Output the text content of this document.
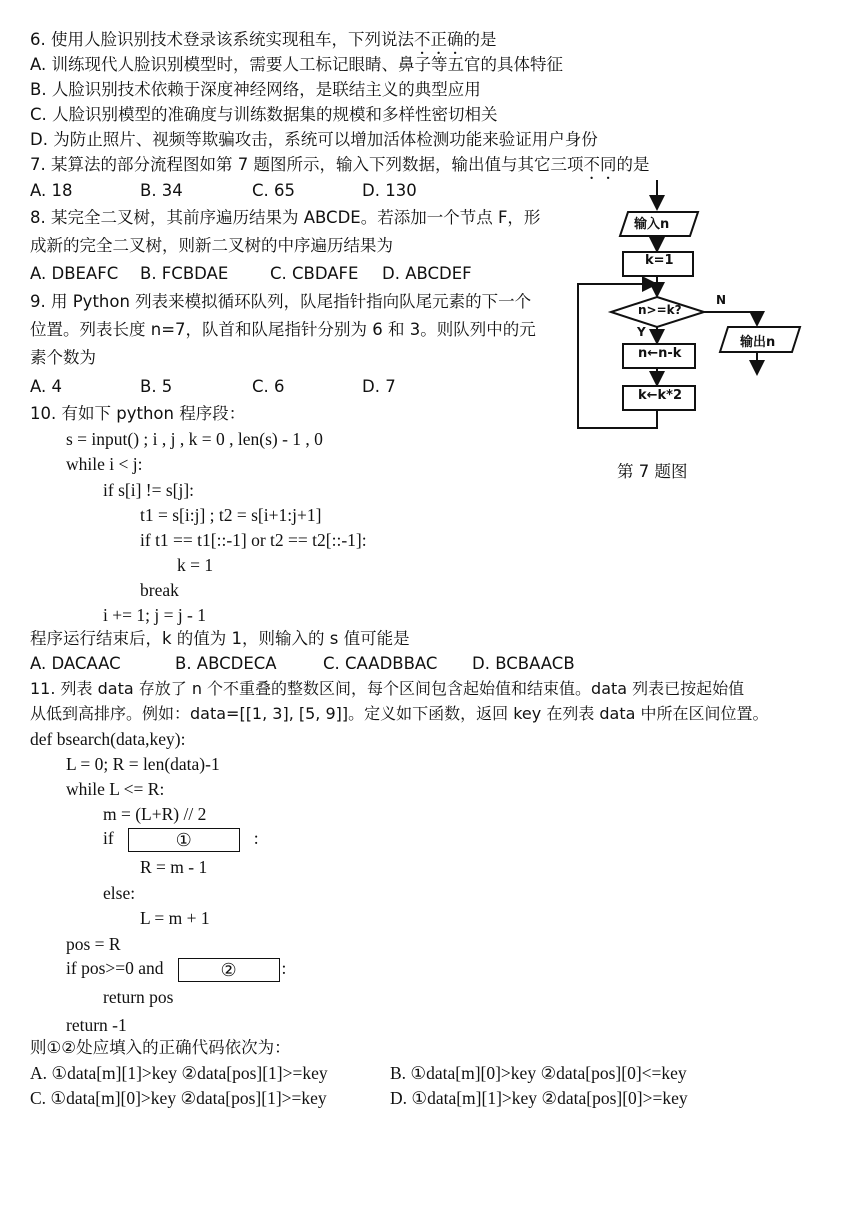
6. 使用人脸识别技术登录该系统实现租车，下列说法不正确的是
A. 训练现代人脸识别模型时，需要人工标记眼睛、鼻子等五官的具体特征
B. 人脸识别技术依赖于深度神经网络，是联结主义的典型应用
C. 人脸识别模型的准确度与训练数据集的规模和多样性密切相关
D. 为防止照片、视频等欺骗攻击，系统可以增加活体检测功能来验证用户身份
7. 某算法的部分流程图如第 7 题图所示，输入下列数据，输出值与其它三项不同的是
A. 18	B. 34	C. 65	D. 130
8. 某完全二叉树，其前序遍历结果为 ABCDE。若添加一个节点 F，形
成新的完全二叉树，则新二叉树的中序遍历结果为
A. DBEAFC B. FCBDAE	C. CBDAFE D. ABCDEF
9. 用 Python 列表来模拟循环队列，队尾指针指向队尾元素的下一个
位置。列表长度 n=7，队首和队尾指针分别为 6 和 3。则队列中的元
素个数为
A. 4	B. 5	C. 6	D. 7
10. 有如下 python 程序段：
s = input() ; i , j , k = 0 , len(s) - 1 , 0
while i < j:
if s[i] != s[j]:
t1 = s[i:j] ; t2 = s[i+1:j+1]
if t1 == t1[::-1] or t2 == t2[::-1]:
k = 1
break
i += 1; j = j - 1
程序运行结束后，k 的值为 1，则输入的 s 值可能是
A. DACAAC	B. ABCDECA	C. CAADBBAC D. BCBAACB
11. 列表 data 存放了 n 个不重叠的整数区间，每个区间包含起始值和结束值。data 列表已按起始值
从低到高排序。例如：data=[[1, 3], [5, 9]]。定义如下函数，返回 key 在列表 data 中所在区间位置。
def bsearch(data,key):
L = 0; R = len(data)-1
while L <= R:
m = (L+R) // 2
if	①	:
R = m - 1
else:
L = m + 1
pos = R
if pos>=0 and	②	:
return pos
return -1
则①②处应填入的正确代码依次为：
A. ①data[m][1]>key ②data[pos][1]>=key	B. ①data[m][0]>key ②data[pos][0]<=key
C. ①data[m][0]>key ②data[pos][1]>=key	D. ①data[m][1]>key ②data[pos][0]>=key
输入n
k=1
n>=k?
Y
N
输出n
n←n-k
k←k*2
第 7 题图
